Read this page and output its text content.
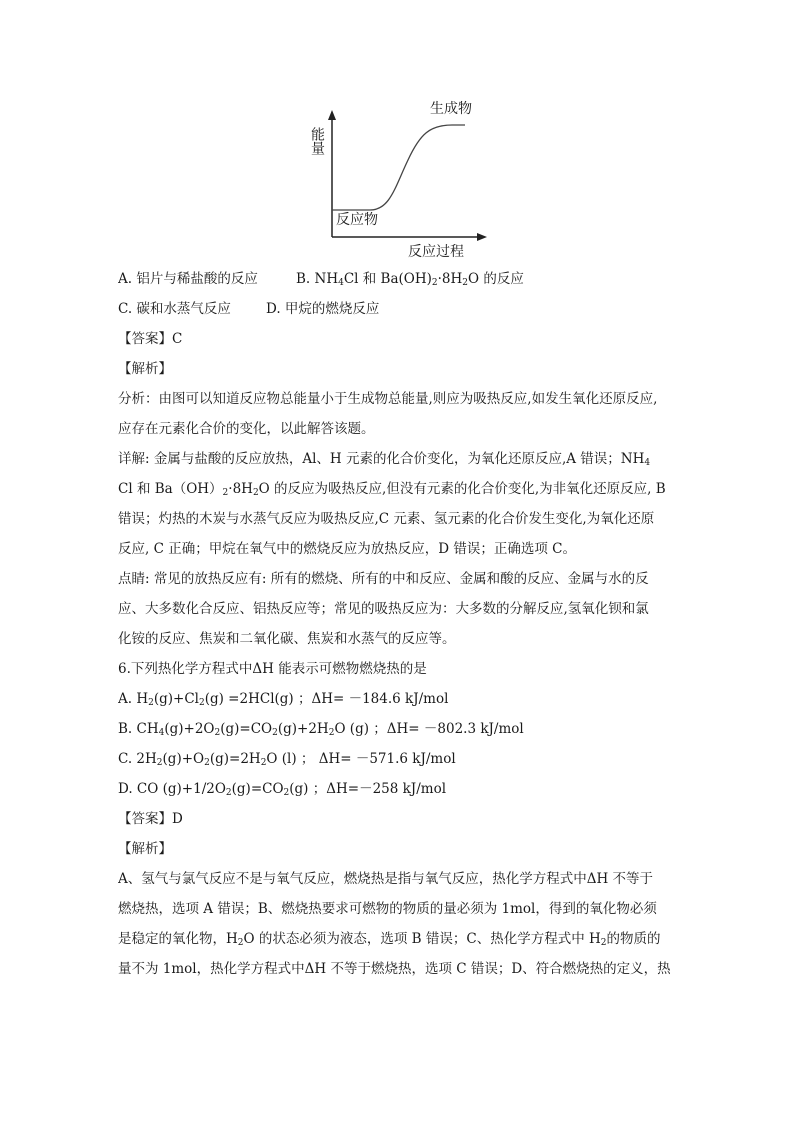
能量
生成物
反应物
反应过程
A. 铝片与稀盐酸的反应	B. $NH_4Cl$ 和 $Ba(OH)_2\cdot 8H_2O$ 的反应
C. 碳和水蒸气反应	D. 甲烷的燃烧反应
【答案】C
【解析】
分析：由图可以知道反应物总能量小于生成物总能量,则应为吸热反应,如发生氧化还原反应,
应存在元素化合价的变化，以此解答该题。
详解: 金属与盐酸的反应放热，Al、H 元素的化合价变化，为氧化还原反应,A 错误；$NH_4$
Cl 和 $Ba(OH)_2\cdot 8H_2O$ 的反应为吸热反应,但没有元素的化合价变化,为非氧化还原反应, B
错误；灼热的木炭与水蒸气反应为吸热反应,C 元素、氢元素的化合价发生变化,为氧化还原
反应, C 正确；甲烷在氧气中的燃烧反应为放热反应，D 错误；正确选项 C。
点睛: 常见的放热反应有: 所有的燃烧、所有的中和反应、金属和酸的反应、金属与水的反
应、大多数化合反应、铝热反应等；常见的吸热反应为：大多数的分解反应,氢氧化钡和氯
化铵的反应、焦炭和二氧化碳、焦炭和水蒸气的反应等。
6.下列热化学方程式中ΔH 能表示可燃物燃烧热的是
A. $H_2(g)+Cl_2(g) =2HCl(g)$ ；ΔH= －184.6 kJ/mol
B. $CH_4(g)+2O_2(g)=CO_2(g)+2H_2O$ (g) ；ΔH= －802.3 kJ/mol
C. $2H_2(g)+O_2(g)=2H_2O$ (l) ； ΔH= －571.6 kJ/mol
D. CO $(g)+1/2O_2(g)=CO_2(g)$ ；ΔH=－258 kJ/mol
【答案】D
【解析】
A、氢气与氯气反应不是与氧气反应，燃烧热是指与氧气反应，热化学方程式中ΔH 不等于
燃烧热，选项 A 错误；B、燃烧热要求可燃物的物质的量必须为 1mol，得到的氧化物必须
是稳定的氧化物，$H_2O$ 的状态必须为液态，选项 B 错误；C、热化学方程式中 $H_2$的物质的
量不为 1mol，热化学方程式中ΔH 不等于燃烧热，选项 C 错误；D、符合燃烧热的定义，热
